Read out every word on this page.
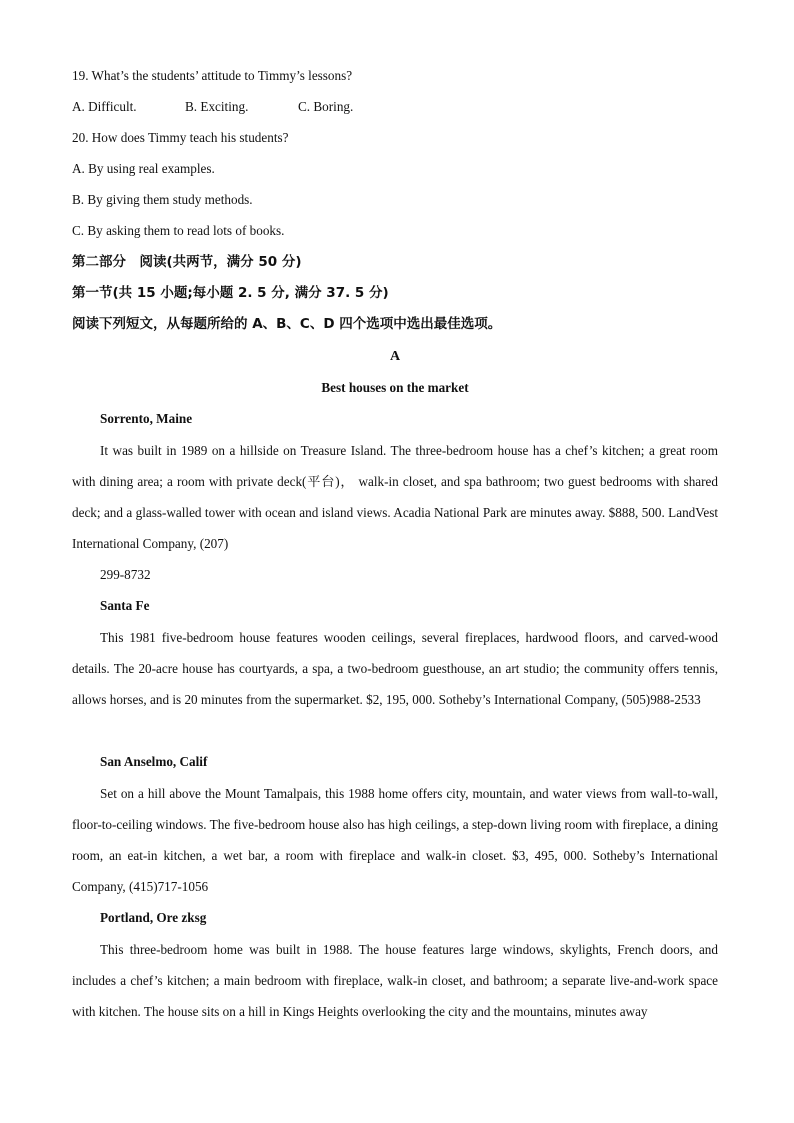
19. What’s the students’ attitude to Timmy’s lessons?
A. Difficult.	B. Exciting.	C. Boring.
20. How does Timmy teach his students?
A. By using real examples.
B. By giving them study methods.
C. By asking them to read lots of books.
第二部分　阅读(共两节，满分 50 分)
第一节(共 15 小题;每小题 2. 5 分, 满分 37. 5 分)
阅读下列短文，从每题所给的 A、B、C、D 四个选项中选出最佳选项。
A
Best houses on the market
Sorrento, Maine

It was built in 1989 on a hillside on Treasure Island. The three-bedroom house has a chef’s kitchen; a great room with dining area; a room with private deck(平台)， walk-in closet, and spa bathroom; two guest bedrooms with shared deck; and a glass-walled tower with ocean and island views. Acadia National Park are minutes away. $888, 500. LandVest International Company, (207)

299-8732
Santa Fe

This 1981 five-bedroom house features wooden ceilings, several fireplaces, hardwood floors, and carved-wood details. The 20-acre house has courtyards, a spa, a two-bedroom guesthouse, an art studio; the community offers tennis, allows horses, and is 20 minutes from the supermarket. $2, 195, 000. Sotheby’s International Company, (505)988-2533

San Anselmo, Calif

Set on a hill above the Mount Tamalpais, this 1988 home offers city, mountain, and water views from wall-to-wall, floor-to-ceiling windows. The five-bedroom house also has high ceilings, a step-down living room with fireplace, a dining room, an eat-in kitchen, a wet bar, a room with fireplace and walk-in closet. $3, 495, 000. Sotheby’s International Company, (415)717-1056

Portland, Ore zksg

This three-bedroom home was built in 1988. The house features large windows, skylights, French doors, and includes a chef’s kitchen; a main bedroom with fireplace, walk-in closet, and bathroom; a separate live-and-work space with kitchen. The house sits on a hill in Kings Heights overlooking the city and the mountains, minutes away
